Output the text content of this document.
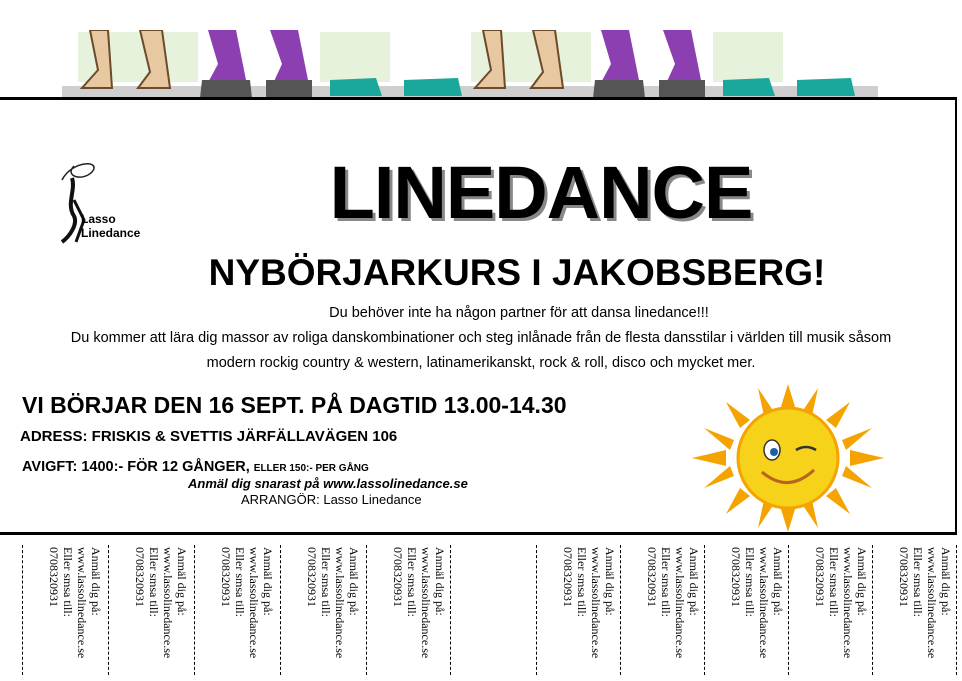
Lasso
Linedance	LINEDANCE
NYBÖRJARKURS I JAKOBSBERG!
Du behöver inte ha någon partner för att dansa linedance!!!
Du kommer att lära dig massor av roliga danskombinationer och steg inlånade från de flesta dansstilar i världen till musik såsom
modern rockig country & western, latinamerikanskt, rock & roll, disco och mycket mer.
VI BÖRJAR DEN 16 SEPT. PÅ DAGTID 13.00-14.30
ADRESS: FRISKIS & SVETTIS JÄRFÄLLAVÄGEN 106
AVIGFT: 1400:- FÖR 12 GÅNGER, ELLER 150:- PER GÅNG
Anmäl dig snarast på www.lassolinedance.se
ARRANGÖR: Lasso Linedance
Anmäl dig på:
www.lassolinedance.se
Eller smsa till:
0708320931	Anmäl dig på:
www.lassolinedance.se
Eller smsa till:
0708320931	Anmäl dig på:
www.lassolinedance.se
Eller smsa till:
0708320931	Anmäl dig på:
www.lassolinedance.se
Eller smsa till:
0708320931	Anmäl dig på:
www.lassolinedance.se
Eller smsa till:
0708320931	Anmäl dig på:
www.lassolinedance.se
Eller smsa till:
0708320931	Anmäl dig på:
www.lassolinedance.se
Eller smsa till:
0708320931	Anmäl dig på:
www.lassolinedance.se
Eller smsa till:
0708320931	Anmäl dig på:
www.lassolinedance.se
Eller smsa till:
0708320931	Anmäl dig på:
www.lassolinedance.se
Eller smsa till:
0708320931
